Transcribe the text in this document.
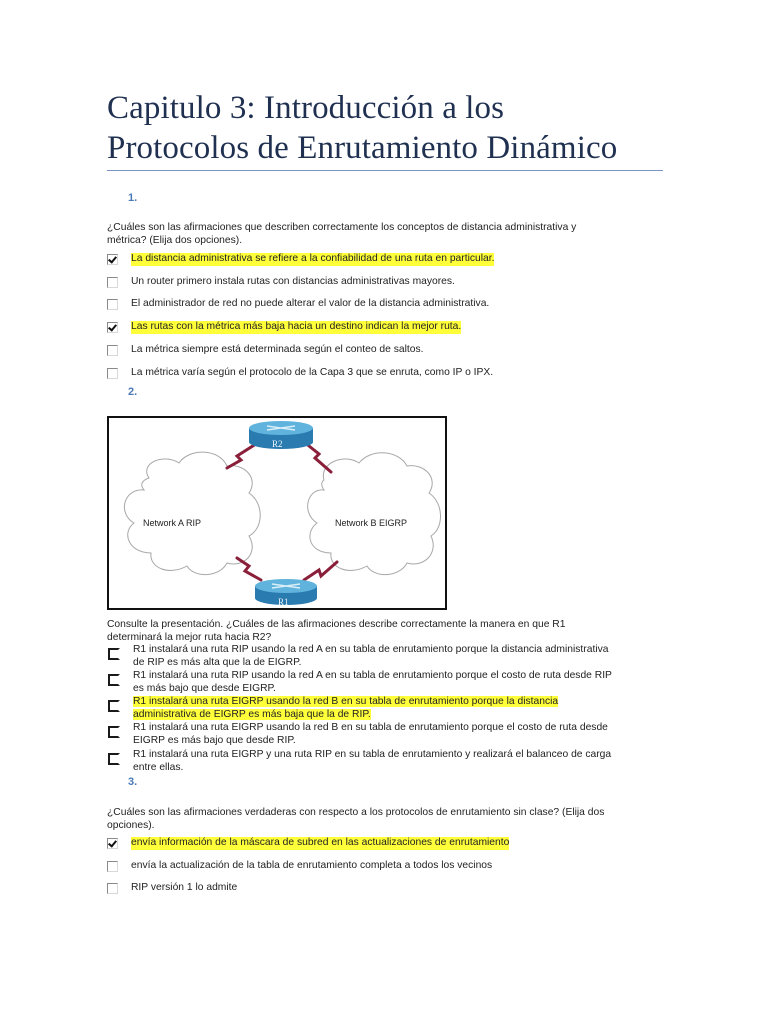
Capitulo 3: Introducción a los
Protocolos de Enrutamiento Dinámico
1.

¿Cuáles son las afirmaciones que describen correctamente los conceptos de distancia administrativa y
métrica? (Elija dos opciones).

La distancia administrativa se refiere a la confiabilidad de una ruta en particular.
Un router primero instala rutas con distancias administrativas mayores.
El administrador de red no puede alterar el valor de la distancia administrativa.
Las rutas con la métrica más baja hacia un destino indican la mejor ruta.
La métrica siempre está determinada según el conteo de saltos.
La métrica varía según el protocolo de la Capa 3 que se enruta, como IP o IPX.
2.
R2
R1
Network A RIP	Network B EIGRP

Consulte la presentación. ¿Cuáles de las afirmaciones describe correctamente la manera en que R1
determinará la mejor ruta hacia R2?

R1 instalará una ruta RIP usando la red A en su tabla de enrutamiento porque la distancia administrativa
de RIP es más alta que la de EIGRP.
R1 instalará una ruta RIP usando la red A en su tabla de enrutamiento porque el costo de ruta desde RIP
es más bajo que desde EIGRP.
R1 instalará una ruta EIGRP usando la red B en su tabla de enrutamiento porque la distancia
administrativa de EIGRP es más baja que la de RIP.
R1 instalará una ruta EIGRP usando la red B en su tabla de enrutamiento porque el costo de ruta desde
EIGRP es más bajo que desde RIP.
R1 instalará una ruta EIGRP y una ruta RIP en su tabla de enrutamiento y realizará el balanceo de carga
entre ellas.
3.

¿Cuáles son las afirmaciones verdaderas con respecto a los protocolos de enrutamiento sin clase? (Elija dos
opciones).

envía información de la máscara de subred en las actualizaciones de enrutamiento
envía la actualización de la tabla de enrutamiento completa a todos los vecinos
RIP versión 1 lo admite
